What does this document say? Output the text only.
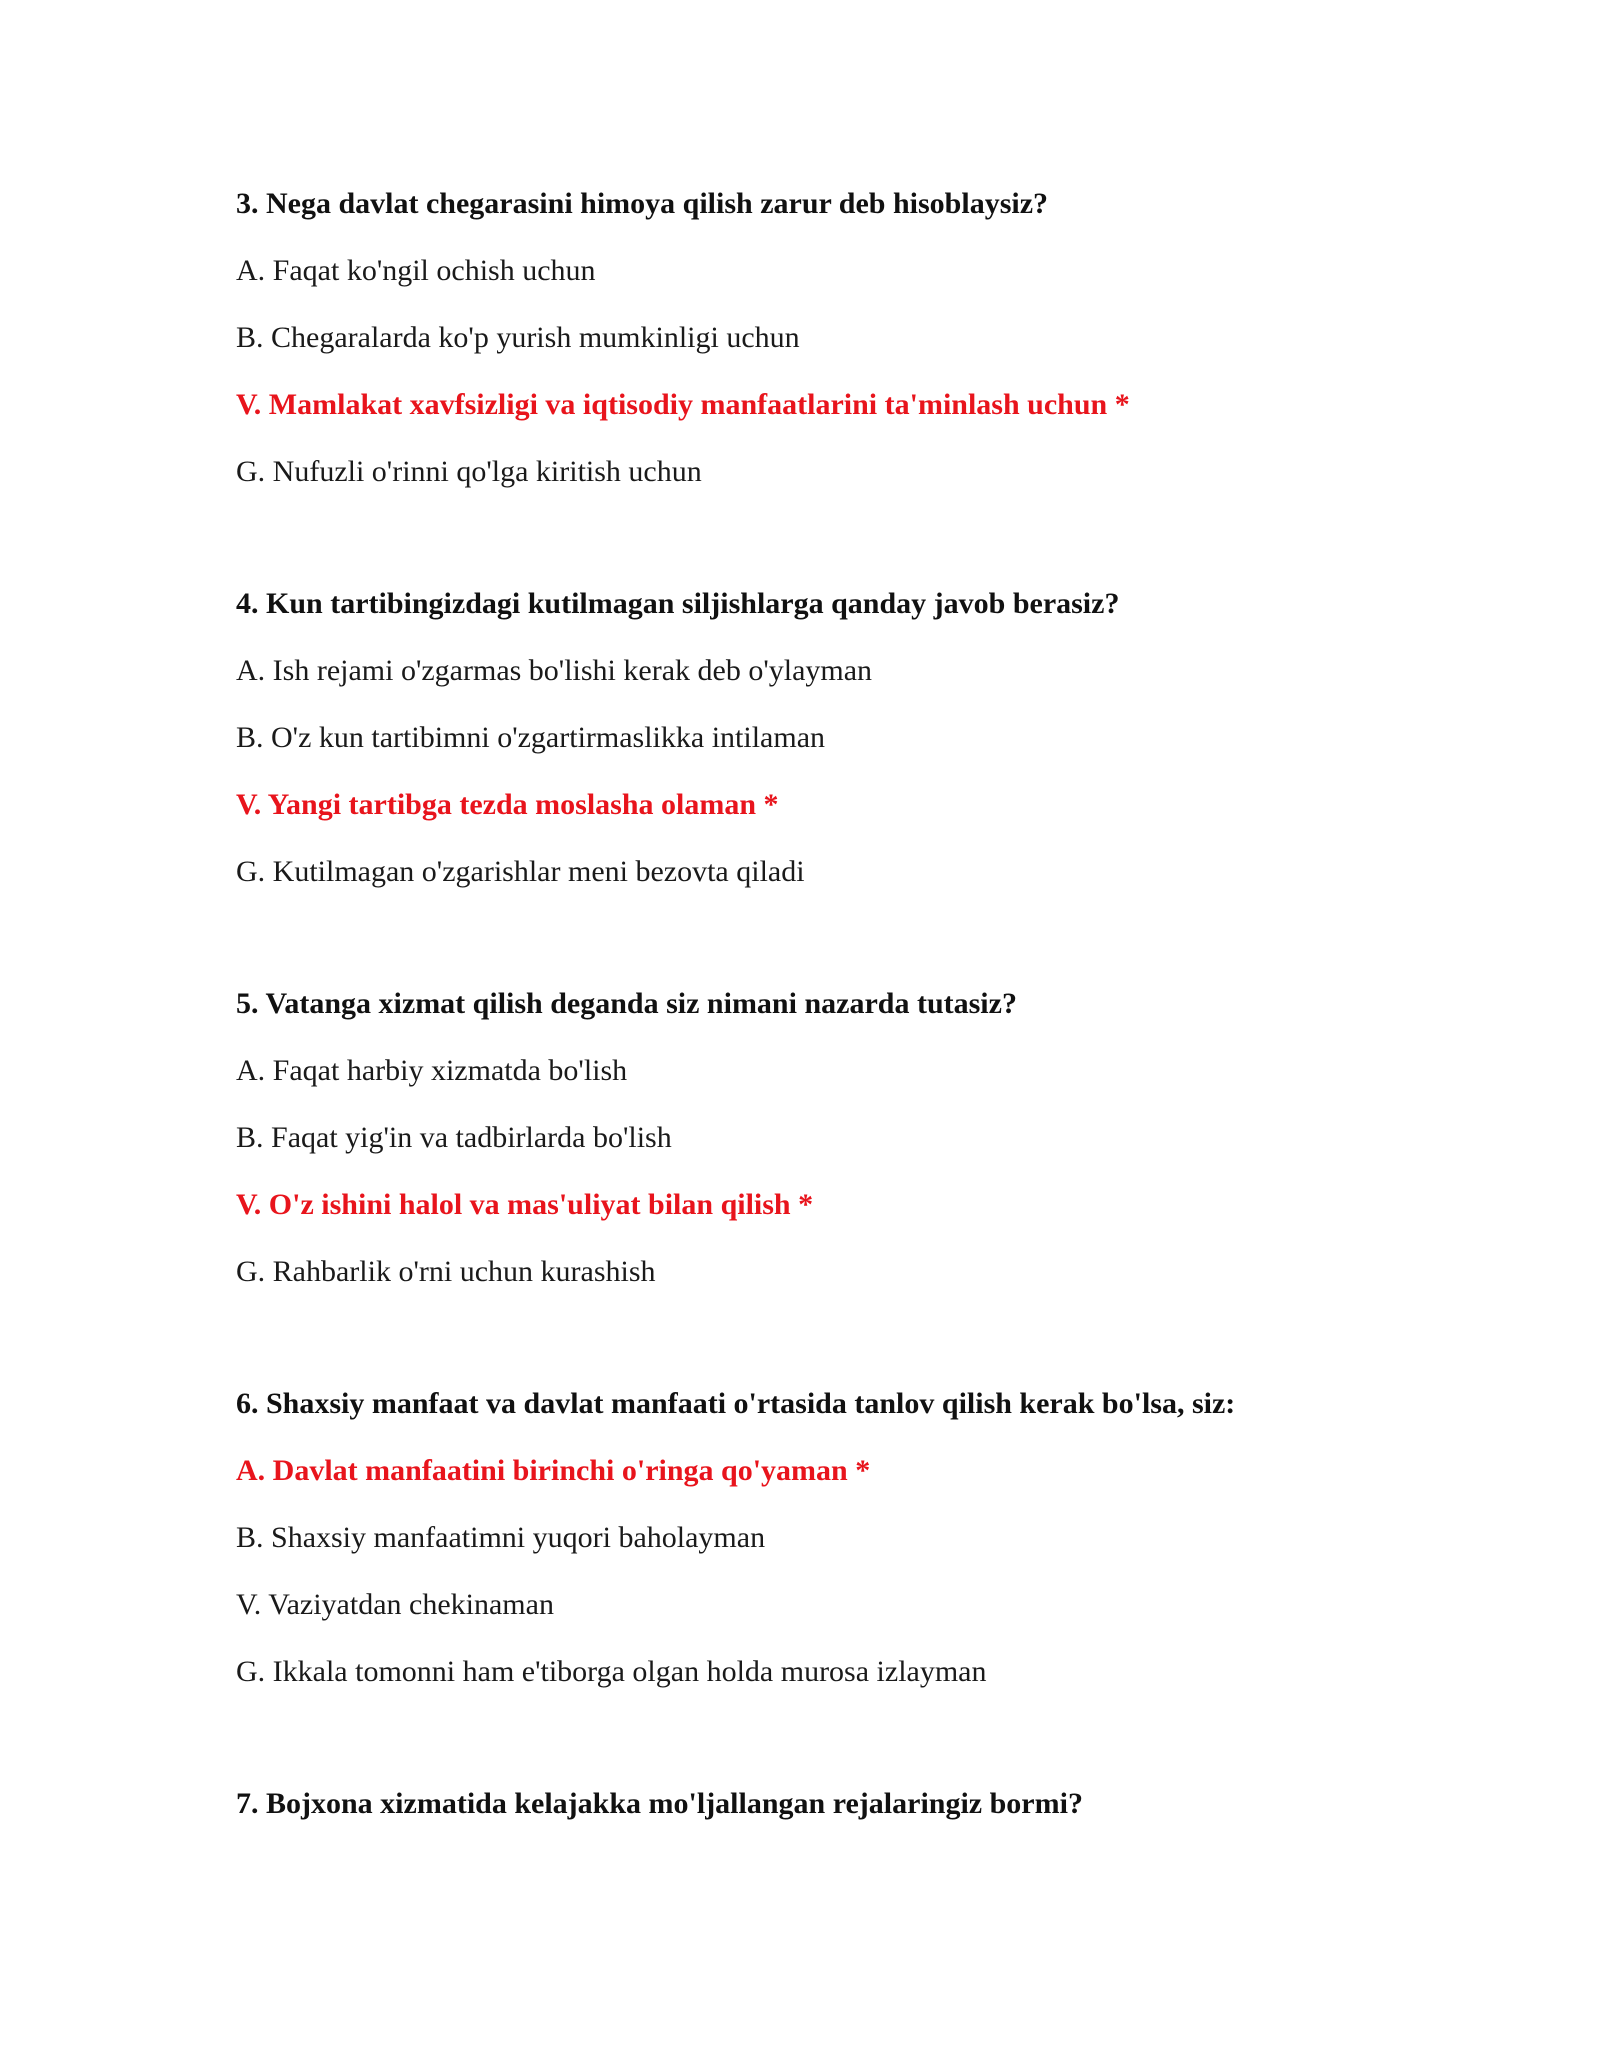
3. Nega davlat chegarasini himoya qilish zarur deb hisoblaysiz?
A. Faqat ko'ngil ochish uchun
B. Chegaralarda ko'p yurish mumkinligi uchun
V. Mamlakat xavfsizligi va iqtisodiy manfaatlarini ta'minlash uchun *
G. Nufuzli o'rinni qo'lga kiritish uchun
4. Kun tartibingizdagi kutilmagan siljishlarga qanday javob berasiz?
A. Ish rejami o'zgarmas bo'lishi kerak deb o'ylayman
B. O'z kun tartibimni o'zgartirmaslikka intilaman
V. Yangi tartibga tezda moslasha olaman *
G. Kutilmagan o'zgarishlar meni bezovta qiladi
5. Vatanga xizmat qilish deganda siz nimani nazarda tutasiz?
A. Faqat harbiy xizmatda bo'lish
B. Faqat yig'in va tadbirlarda bo'lish
V. O'z ishini halol va mas'uliyat bilan qilish *
G. Rahbarlik o'rni uchun kurashish
6. Shaxsiy manfaat va davlat manfaati o'rtasida tanlov qilish kerak bo'lsa, siz:
A. Davlat manfaatini birinchi o'ringa qo'yaman *
B. Shaxsiy manfaatimni yuqori baholayman
V. Vaziyatdan chekinaman
G. Ikkala tomonni ham e'tiborga olgan holda murosa izlayman
7. Bojxona xizmatida kelajakka mo'ljallangan rejalaringiz bormi?
